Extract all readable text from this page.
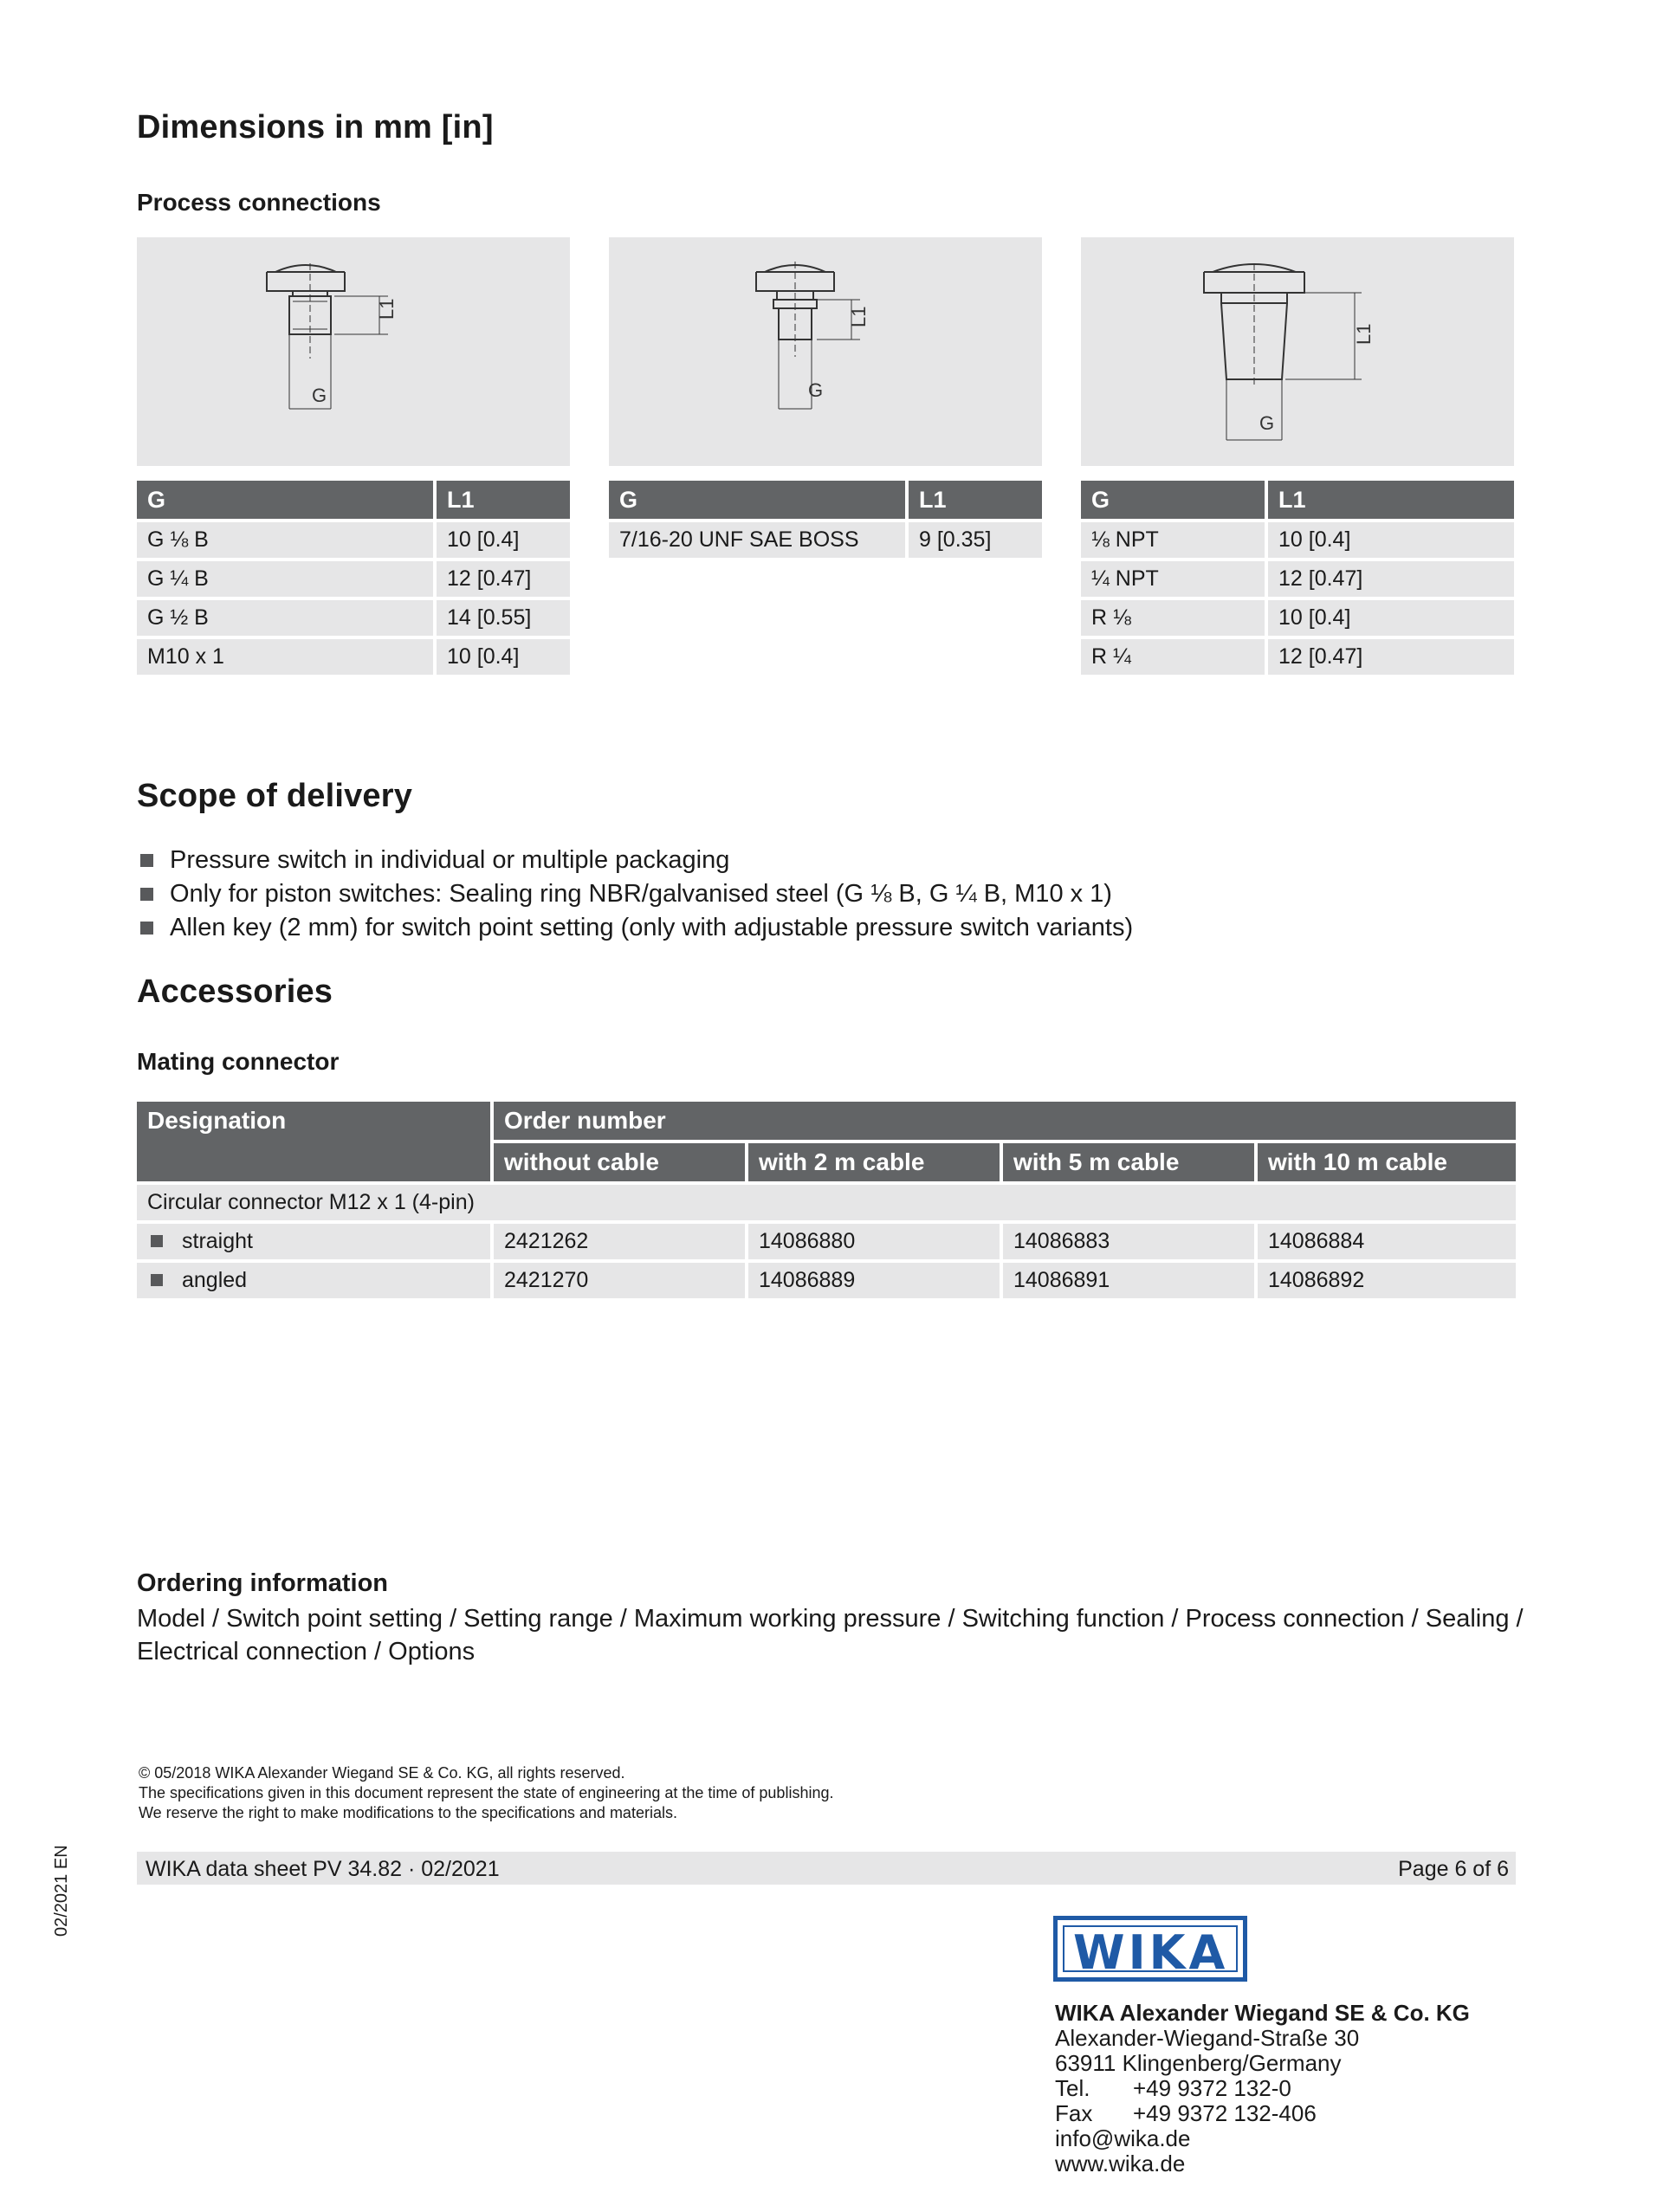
Dimensions in mm [in]
Process connections
L1
G
L1
G
L1
G
G	L1
G ⅛ B	10 [0.4]
G ¼ B	12 [0.47]
G ½ B	14 [0.55]
M10 x 1	10 [0.4]
G	L1
7/16-20 UNF SAE BOSS	9 [0.35]
G	L1
⅛ NPT	10 [0.4]
¼ NPT	12 [0.47]
R ⅛	10 [0.4]
R ¼	12 [0.47]
Scope of delivery
Pressure switch in individual or multiple packaging
Only for piston switches: Sealing ring NBR/galvanised steel (G ⅛ B, G ¼ B, M10 x 1)
Allen key (2 mm) for switch point setting (only with adjustable pressure switch variants)
Accessories
Mating connector
Designation	Order number			
	without cable	with 2 m cable	with 5 m cable	with 10 m cable
Circular connector M12 x 1 (4-pin)				
straight	2421262	14086880	14086883	14086884
angled	2421270	14086889	14086891	14086892
Ordering information
Model / Switch point setting / Setting range / Maximum working pressure / Switching function / Process connection / Sealing /
Electrical connection / Options
© 05/2018 WIKA Alexander Wiegand SE & Co. KG, all rights reserved.
The specifications given in this document represent the state of engineering at the time of publishing.
We reserve the right to make modifications to the specifications and materials.
WIKA data sheet PV 34.82 · 02/2021	Page 6 of 6
02/2021 EN
WIKA
WIKA Alexander Wiegand SE & Co. KG
Alexander-Wiegand-Straße 30
63911 Klingenberg/Germany
Tel. +49 9372 132-0
Fax +49 9372 132-406
info@wika.de
www.wika.de
